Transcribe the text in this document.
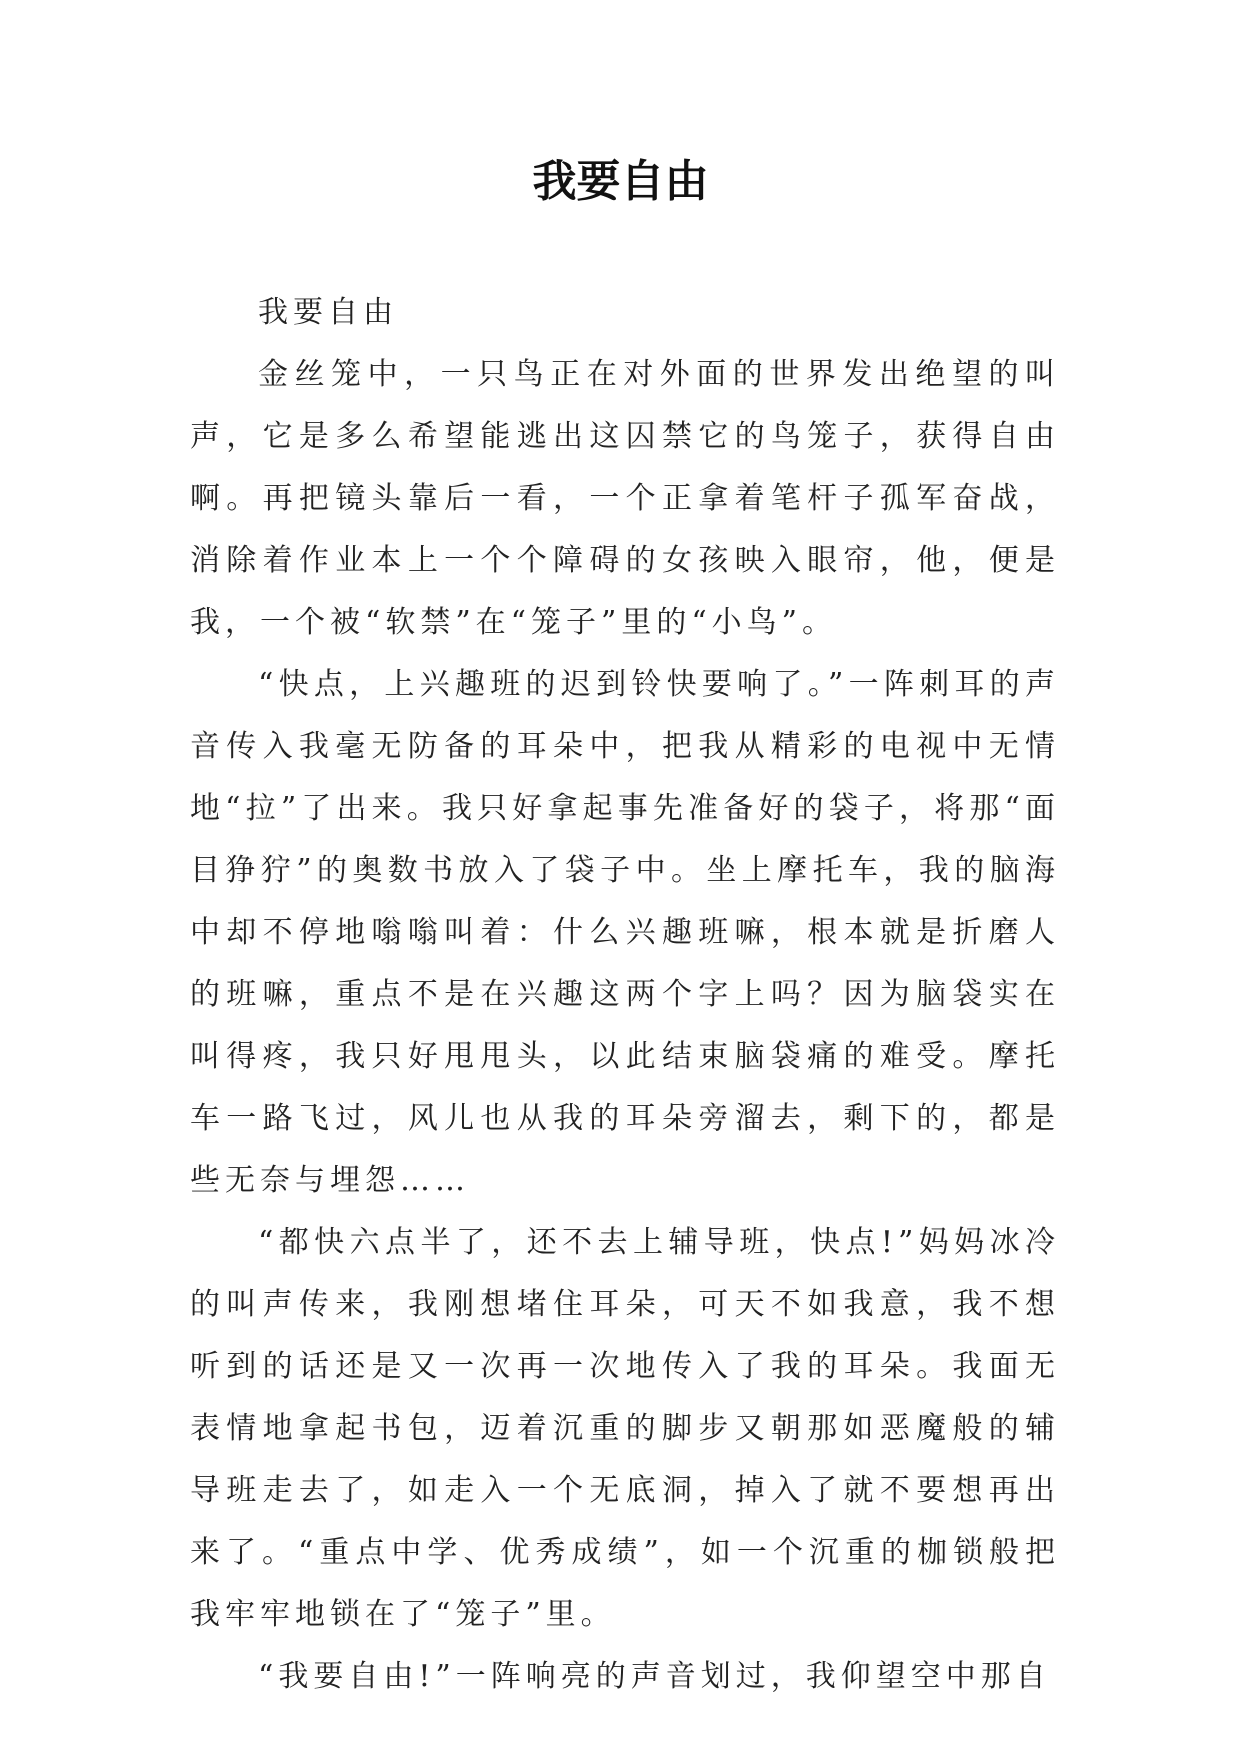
我要自由

我要自由

金丝笼中，一只鸟正在对外面的世界发出绝望的叫声，它是多么希望能逃出这囚禁它的鸟笼子，获得自由啊。再把镜头靠后一看，一个正拿着笔杆子孤军奋战，消除着作业本上一个个障碍的女孩映入眼帘，他，便是我，一个被“软禁”在“笼子”里的“小鸟”。

“快点，上兴趣班的迟到铃快要响了。”一阵刺耳的声音传入我毫无防备的耳朵中，把我从精彩的电视中无情地“拉”了出来。我只好拿起事先准备好的袋子，将那“面目狰狞”的奥数书放入了袋子中。坐上摩托车，我的脑海中却不停地嗡嗡叫着：什么兴趣班嘛，根本就是折磨人的班嘛，重点不是在兴趣这两个字上吗？因为脑袋实在叫得疼，我只好甩甩头，以此结束脑袋痛的难受。摩托车一路飞过，风儿也从我的耳朵旁溜去，剩下的，都是些无奈与埋怨……

“都快六点半了，还不去上辅导班，快点!”妈妈冰冷的叫声传来，我刚想堵住耳朵，可天不如我意，我不想听到的话还是又一次再一次地传入了我的耳朵。我面无表情地拿起书包，迈着沉重的脚步又朝那如恶魔般的辅导班走去了，如走入一个无底洞，掉入了就不要想再出来了。“重点中学、优秀成绩”，如一个沉重的枷锁般把我牢牢地锁在了“笼子”里。

“我要自由!”一阵响亮的声音划过，我仰望空中那自
